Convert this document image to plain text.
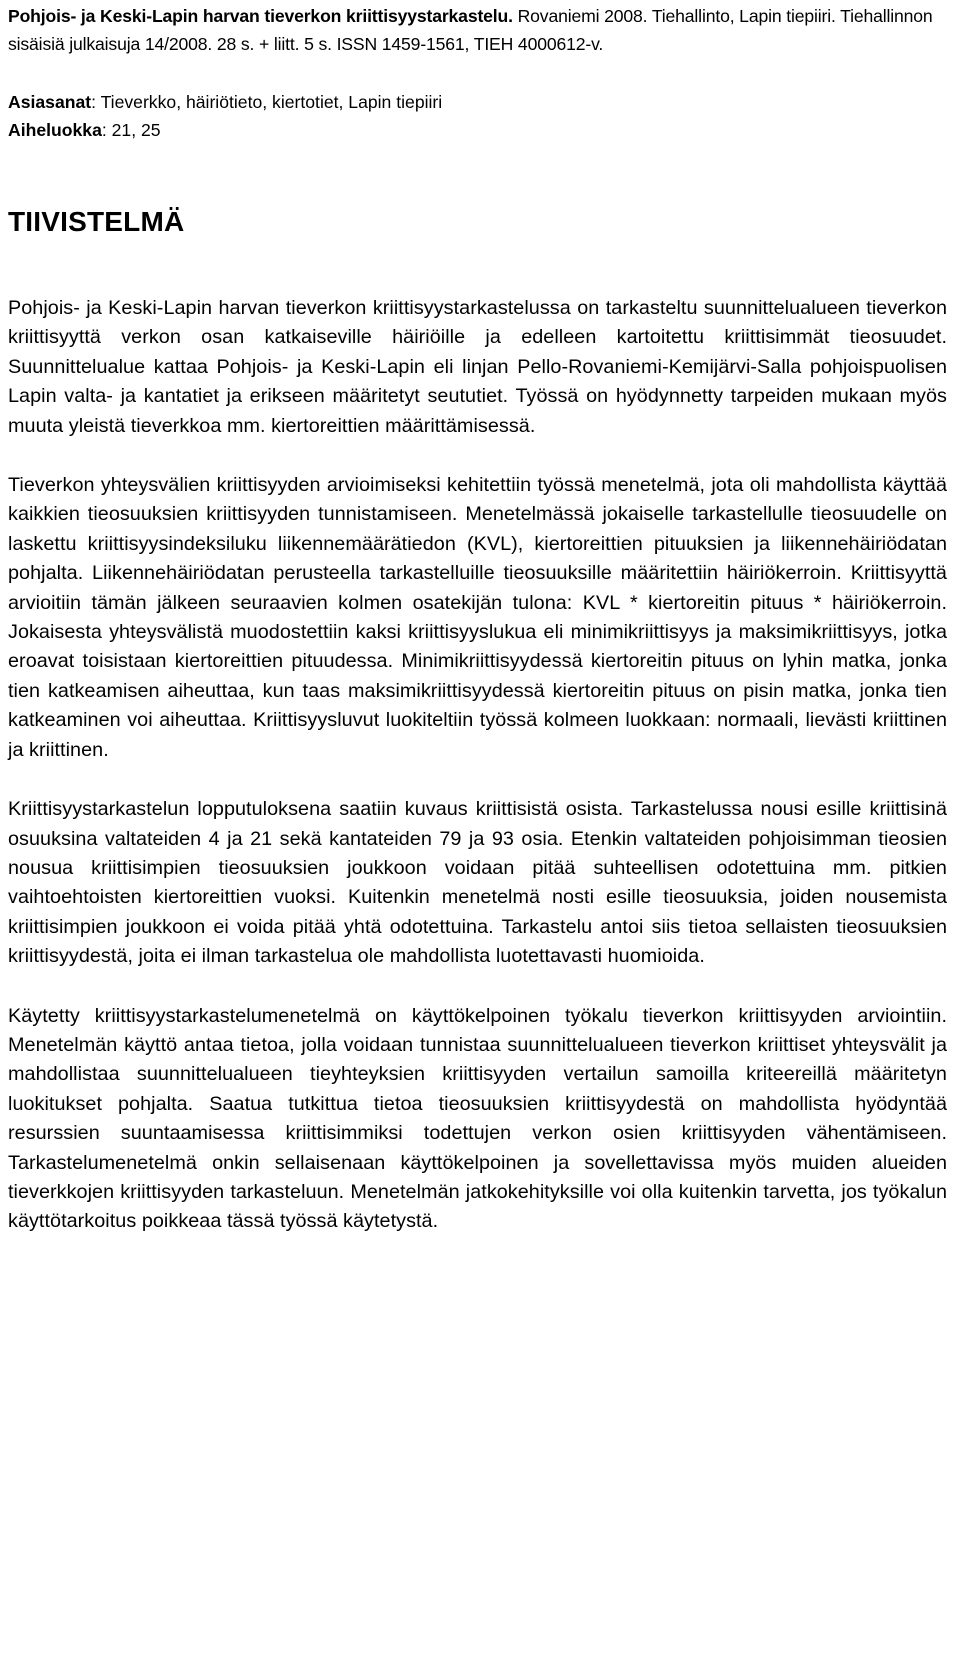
Pohjois- ja Keski-Lapin harvan tieverkon kriittisyystarkastelu. Rovaniemi 2008. Tiehallinto, Lapin tiepiiri. Tiehallinnon sisäisiä julkaisuja 14/2008. 28 s. + liitt. 5 s. ISSN 1459-1561, TIEH 4000612-v.

Asiasanat: Tieverkko, häiriötieto, kiertotiet, Lapin tiepiiri
Aiheluokka: 21, 25
TIIVISTELMÄ

Pohjois- ja Keski-Lapin harvan tieverkon kriittisyystarkastelussa on tarkasteltu suunnittelualueen tieverkon kriittisyyttä verkon osan katkaiseville häiriöille ja edelleen kartoitettu kriittisimmät tieosuudet. Suunnittelualue kattaa Pohjois- ja Keski-Lapin eli linjan Pello-Rovaniemi-Kemijärvi-Salla pohjoispuolisen Lapin valta- ja kantatiet ja erikseen määritetyt seututiet. Työssä on hyödynnetty tarpeiden mukaan myös muuta yleistä tieverkkoa mm. kiertoreittien määrittämisessä.

Tieverkon yhteysvälien kriittisyyden arvioimiseksi kehitettiin työssä menetelmä, jota oli mahdollista käyttää kaikkien tieosuuksien kriittisyyden tunnistamiseen. Menetelmässä jokaiselle tarkastellulle tieosuudelle on laskettu kriittisyysindeksiluku liikennemäärätiedon (KVL), kiertoreittien pituuksien ja liikennehäiriödatan pohjalta. Liikennehäiriödatan perusteella tarkastelluille tieosuuksille määritettiin häiriökerroin. Kriittisyyttä arvioitiin tämän jälkeen seuraavien kolmen osatekijän tulona: KVL * kiertoreitin pituus * häiriökerroin. Jokaisesta yhteysvälistä muodostettiin kaksi kriittisyyslukua eli minimikriittisyys ja maksimikriittisyys, jotka eroavat toisistaan kiertoreittien pituudessa. Minimikriittisyydessä kiertoreitin pituus on lyhin matka, jonka tien katkeamisen aiheuttaa, kun taas maksimikriittisyydessä kiertoreitin pituus on pisin matka, jonka tien katkeaminen voi aiheuttaa. Kriittisyysluvut luokiteltiin työssä kolmeen luokkaan: normaali, lievästi kriittinen ja kriittinen.

Kriittisyystarkastelun lopputuloksena saatiin kuvaus kriittisistä osista. Tarkastelussa nousi esille kriittisinä osuuksina valtateiden 4 ja 21 sekä kantateiden 79 ja 93 osia. Etenkin valtateiden pohjoisimman tieosien nousua kriittisimpien tieosuuksien joukkoon voidaan pitää suhteellisen odotettuina mm. pitkien vaihtoehtoisten kiertoreittien vuoksi. Kuitenkin menetelmä nosti esille tieosuuksia, joiden nousemista kriittisimpien joukkoon ei voida pitää yhtä odotettuina. Tarkastelu antoi siis tietoa sellaisten tieosuuksien kriittisyydestä, joita ei ilman tarkastelua ole mahdollista luotettavasti huomioida.

Käytetty kriittisyystarkastelumenetelmä on käyttökelpoinen työkalu tieverkon kriittisyyden arviointiin. Menetelmän käyttö antaa tietoa, jolla voidaan tunnistaa suunnittelualueen tieverkon kriittiset yhteysvälit ja mahdollistaa suunnittelualueen tieyhteyksien kriittisyyden vertailun samoilla kriteereillä määritetyn luokitukset pohjalta. Saatua tutkittua tietoa tieosuuksien kriittisyydestä on mahdollista hyödyntää resurssien suuntaamisessa kriittisimmiksi todettujen verkon osien kriittisyyden vähentämiseen. Tarkastelumenetelmä onkin sellaisenaan käyttökelpoinen ja sovellettavissa myös muiden alueiden tieverkkojen kriittisyyden tarkasteluun. Menetelmän jatkokehityksille voi olla kuitenkin tarvetta, jos työkalun käyttötarkoitus poikkeaa tässä työssä käytetystä.
